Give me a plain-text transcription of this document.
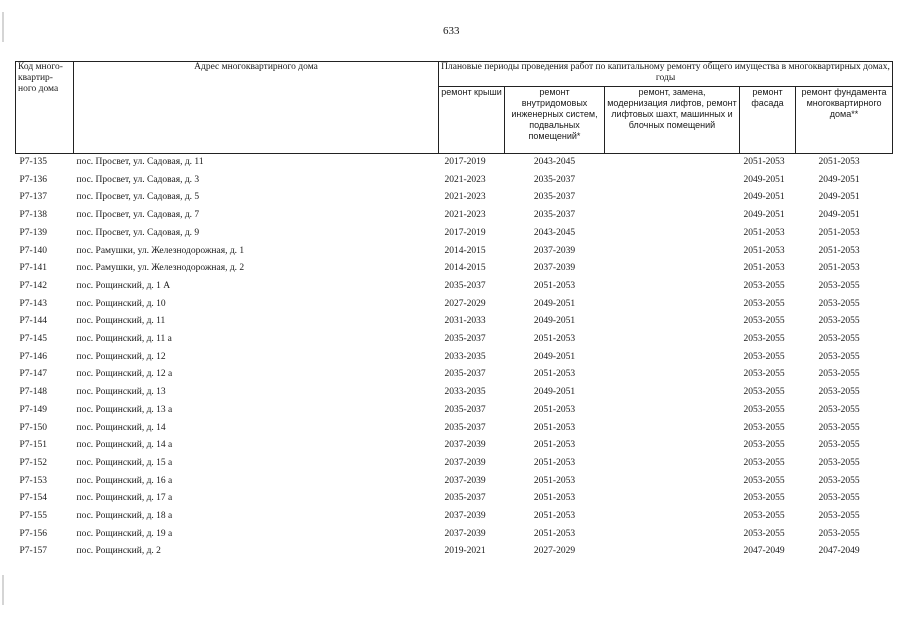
633
Код много-квартир-ного дома	Адрес многоквартирного дома	Плановые периоды проведения работ по капитальному ремонту общего имущества в многоквартирных домах, годы				
		ремонт крыши	ремонт внутридомовых инженерных систем, подвальных помещений*	ремонт, замена, модернизация лифтов, ремонт лифтовых шахт, машинных и блочных помещений	ремонт фасада	ремонт фундамента многоквартирного дома**
Р7-135	пос. Просвет, ул. Садовая, д. 11	2017-2019	2043-2045		2051-2053	2051-2053
Р7-136	пос. Просвет, ул. Садовая, д. 3	2021-2023	2035-2037		2049-2051	2049-2051
Р7-137	пос. Просвет, ул. Садовая, д. 5	2021-2023	2035-2037		2049-2051	2049-2051
Р7-138	пос. Просвет, ул. Садовая, д. 7	2021-2023	2035-2037		2049-2051	2049-2051
Р7-139	пос. Просвет, ул. Садовая, д. 9	2017-2019	2043-2045		2051-2053	2051-2053
Р7-140	пос. Рамушки, ул. Железнодорожная, д. 1	2014-2015	2037-2039		2051-2053	2051-2053
Р7-141	пос. Рамушки, ул. Железнодорожная, д. 2	2014-2015	2037-2039		2051-2053	2051-2053
Р7-142	пос. Рощинский, д. 1 А	2035-2037	2051-2053		2053-2055	2053-2055
Р7-143	пос. Рощинский, д. 10	2027-2029	2049-2051		2053-2055	2053-2055
Р7-144	пос. Рощинский, д. 11	2031-2033	2049-2051		2053-2055	2053-2055
Р7-145	пос. Рощинский, д. 11 а	2035-2037	2051-2053		2053-2055	2053-2055
Р7-146	пос. Рощинский, д. 12	2033-2035	2049-2051		2053-2055	2053-2055
Р7-147	пос. Рощинский, д. 12 а	2035-2037	2051-2053		2053-2055	2053-2055
Р7-148	пос. Рощинский, д. 13	2033-2035	2049-2051		2053-2055	2053-2055
Р7-149	пос. Рощинский, д. 13 а	2035-2037	2051-2053		2053-2055	2053-2055
Р7-150	пос. Рощинский, д. 14	2035-2037	2051-2053		2053-2055	2053-2055
Р7-151	пос. Рощинский, д. 14 а	2037-2039	2051-2053		2053-2055	2053-2055
Р7-152	пос. Рощинский, д. 15 а	2037-2039	2051-2053		2053-2055	2053-2055
Р7-153	пос. Рощинский, д. 16 а	2037-2039	2051-2053		2053-2055	2053-2055
Р7-154	пос. Рощинский, д. 17 а	2035-2037	2051-2053		2053-2055	2053-2055
Р7-155	пос. Рощинский, д. 18 а	2037-2039	2051-2053		2053-2055	2053-2055
Р7-156	пос. Рощинский, д. 19 а	2037-2039	2051-2053		2053-2055	2053-2055
Р7-157	пос. Рощинский, д. 2	2019-2021	2027-2029		2047-2049	2047-2049
